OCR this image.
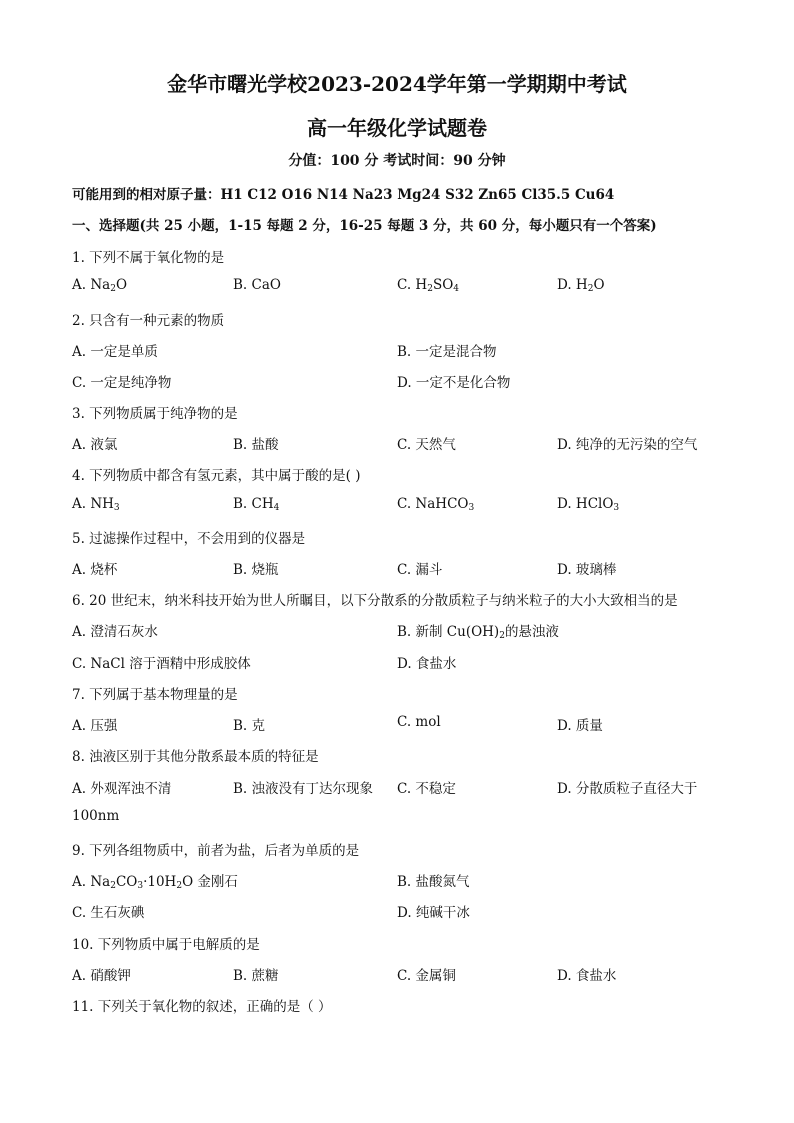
金华市曙光学校2023-2024学年第一学期期中考试
高一年级化学试题卷
分值：100 分 考试时间：90 分钟
可能用到的相对原子量：H1 C12 O16 N14 Na23 Mg24 S32 Zn65 Cl35.5 Cu64
一、选择题(共 25 小题，1-15 每题 2 分，16-25 每题 3 分，共 60 分，每小题只有一个答案)
1. 下列不属于氧化物的是
A. $Na_2O$	B. CaO	C. $H_2SO_4$	D. $H_2O$
2. 只含有一种元素的物质
A. 一定是单质	B. 一定是混合物
C. 一定是纯净物	D. 一定不是化合物
3. 下列物质属于纯净物的是
A. 液氯	B. 盐酸	C. 天然气	D. 纯净的无污染的空气
4. 下列物质中都含有氢元素，其中属于酸的是( )
A. $NH_3$	B. $CH_4$	C. NaHCO$_3$	D. HClO$_3$
5. 过滤操作过程中，不会用到的仪器是
A. 烧杯	B. 烧瓶	C. 漏斗	D. 玻璃棒
6. 20 世纪末，纳米科技开始为世人所瞩目，以下分散系的分散质粒子与纳米粒子的大小大致相当的是
A. 澄清石灰水	B. 新制 $Cu(OH)_2$的悬浊液
C. NaCl 溶于酒精中形成胶体	D. 食盐水
7. 下列属于基本物理量的是
A. 压强	B. 克	C. mol	D. 质量
8. 浊液区别于其他分散系最本质的特征是
A. 外观浑浊不清	B. 浊液没有丁达尔现象 C. 不稳定	D. 分散质粒子直径大于
100nm
9. 下列各组物质中，前者为盐，后者为单质的是
A. $Na_2CO_3\cdot 10H_2O$ 金刚石	B. 盐酸氮气
C. 生石灰碘	D. 纯碱干冰
10. 下列物质中属于电解质的是
A. 硝酸钾	B. 蔗糖	C. 金属铜	D. 食盐水
11. 下列关于氧化物的叙述，正确的是（ ）
